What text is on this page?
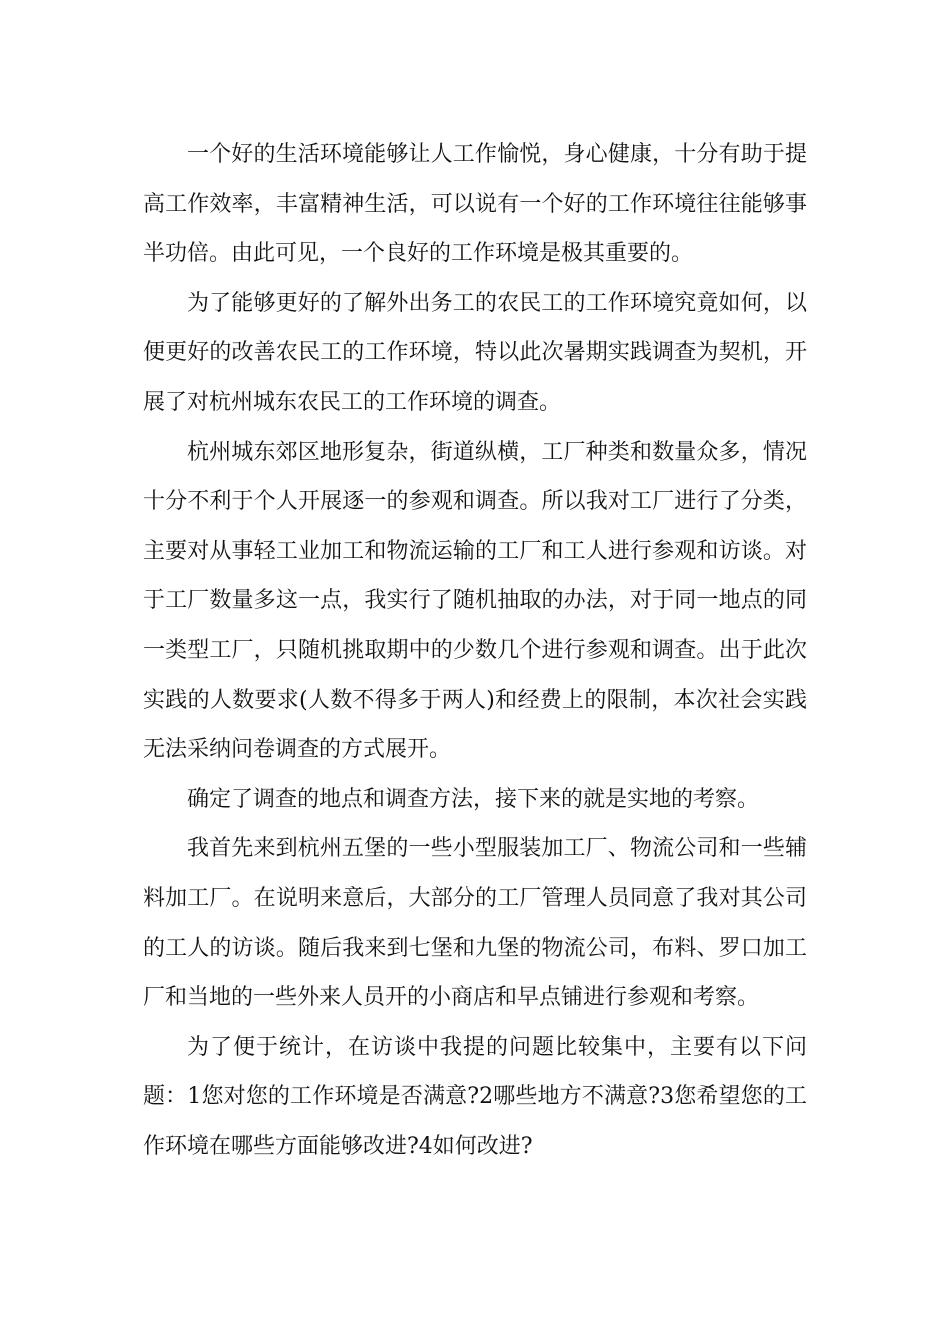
一个好的生活环境能够让人工作愉悦，身心健康，十分有助于提高工作效率，丰富精神生活，可以说有一个好的工作环境往往能够事半功倍。由此可见，一个良好的工作环境是极其重要的。

为了能够更好的了解外出务工的农民工的工作环境究竟如何，以便更好的改善农民工的工作环境，特以此次暑期实践调查为契机，开展了对杭州城东农民工的工作环境的调查。

杭州城东郊区地形复杂，街道纵横，工厂种类和数量众多，情况十分不利于个人开展逐一的参观和调查。所以我对工厂进行了分类，主要对从事轻工业加工和物流运输的工厂和工人进行参观和访谈。对于工厂数量多这一点，我实行了随机抽取的办法，对于同一地点的同一类型工厂，只随机挑取期中的少数几个进行参观和调查。出于此次实践的人数要求(人数不得多于两人)和经费上的限制，本次社会实践无法采纳问卷调查的方式展开。

确定了调查的地点和调查方法，接下来的就是实地的考察。

我首先来到杭州五堡的一些小型服装加工厂、物流公司和一些辅料加工厂。在说明来意后，大部分的工厂管理人员同意了我对其公司的工人的访谈。随后我来到七堡和九堡的物流公司，布料、罗口加工厂和当地的一些外来人员开的小商店和早点铺进行参观和考察。

为了便于统计，在访谈中我提的问题比较集中，主要有以下问题：1您对您的工作环境是否满意?2哪些地方不满意?3您希望您的工作环境在哪些方面能够改进?4如何改进?
